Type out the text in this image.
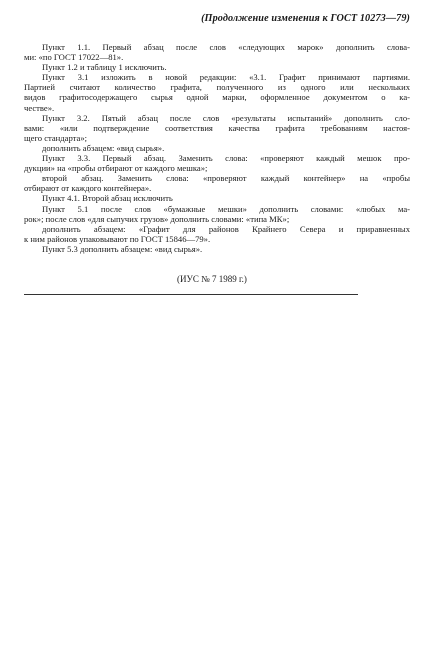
(Продолжение изменения к ГОСТ 10273—79)
Пункт 1.1. Первый абзац после слов «следующих марок» дополнить слова-
ми: «по ГОСТ 17022—81».
Пункт 1.2 и таблицу 1 исключить.
Пункт 3.1 изложить в новой редакции: «3.1. Графит принимают партиями.
Партией считают количество графита, полученного из одного или нескольких
видов графитосодержащего сырья одной марки, оформленное документом о ка-
честве».
Пункт 3.2. Пятый абзац после слов «результаты испытаний» дополнить сло-
вами: «или подтверждение соответствия качества графита требованиям настоя-
щего стандарта»;
дополнить абзацем: «вид сырья».
Пункт 3.3. Первый абзац. Заменить слова: «проверяют каждый мешок про-
дукции» на «пробы отбирают от каждого мешка»;
второй абзац. Заменить слова: «проверяют каждый контейнер» на «пробы
отбирают от каждого контейнера».
Пункт 4.1. Второй абзац исключить
Пункт 5.1 после слов «бумажные мешки» дополнить словами: «любых ма-
рок»; после слов «для сыпучих грузов» дополнить словами: «типа МК»;
дополнить абзацем: «Графит для районов Крайнего Севера и приравненных
к ним районов упаковывают по ГОСТ 15846—79».
Пункт 5.3 дополнить абзацем: «вид сырья».
(ИУС № 7 1989 г.)
